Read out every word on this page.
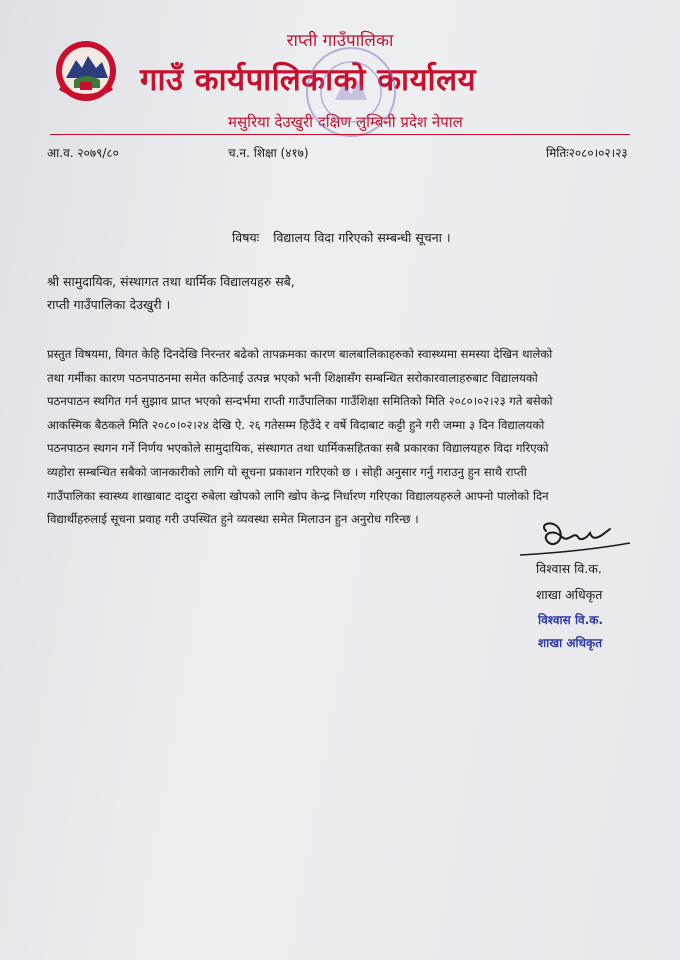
राप्ती गाउँपालिका
गाउँ कार्यपालिकाको कार्यालय
मसुरिया देउखुरी दक्षिण लुम्बिनी प्रदेश नेपाल
आ.व. २०७९/८०	च.न. शिक्षा (४१७)	मितिः२०८०।०२।२३
विषयः विद्यालय विदा गरिएको सम्बन्धी सूचना ।
श्री सामुदायिक, संस्थागत तथा धार्मिक विद्यालयहरु सबै,
राप्ती गाउँपालिका देउखुरी ।
प्रस्तुत विषयमा, विगत केहि दिनदेखि निरन्तर बढेको तापक्रमका कारण बालबालिकाहरुको स्वास्थ्यमा समस्या देखिन थालेको
तथा गर्मीका कारण पठनपाठनमा समेत कठिनाई उत्पन्न भएको भनी शिक्षासँग सम्बन्धित सरोकारवालाहरुबाट विद्यालयको
पठनपाठन स्थगित गर्न सुझाव प्राप्त भएको सन्दर्भमा राप्ती गाउँपालिका गाउँशिक्षा समितिको मिति २०८०।०२।२३ गते बसेको
आकस्मिक बैठकले मिति २०८०।०२।२४ देखि ऐ. २६ गतेसम्म हिउँदे र वर्षे विदाबाट कट्टी हुने गरी जम्मा ३ दिन विद्यालयको
पठनपाठन स्थगन गर्ने निर्णय भएकोले सामुदायिक, संस्थागत तथा धार्मिकसहितका सबै प्रकारका विद्यालयहरु विदा गरिएको
व्यहोरा सम्बन्धित सबैको जानकारीको लागि यो सूचना प्रकाशन गरिएको छ । सोही अनुसार गर्नु गराउनु हुन साथै राप्ती
गाउँपालिका स्वास्थ्य शाखाबाट दादुरा रुबेला खोपको लागि खोप केन्द्र निर्धारण गरिएका विद्यालयहरुले आफ्नो पालोको दिन
विद्यार्थीहरुलाई सूचना प्रवाह गरी उपस्थित हुने व्यवस्था समेत मिलाउन हुन अनुरोध गरिन्छ ।
विश्वास वि.क.
शाखा अधिकृत
विश्वास वि.क.
शाखा अधिकृत
